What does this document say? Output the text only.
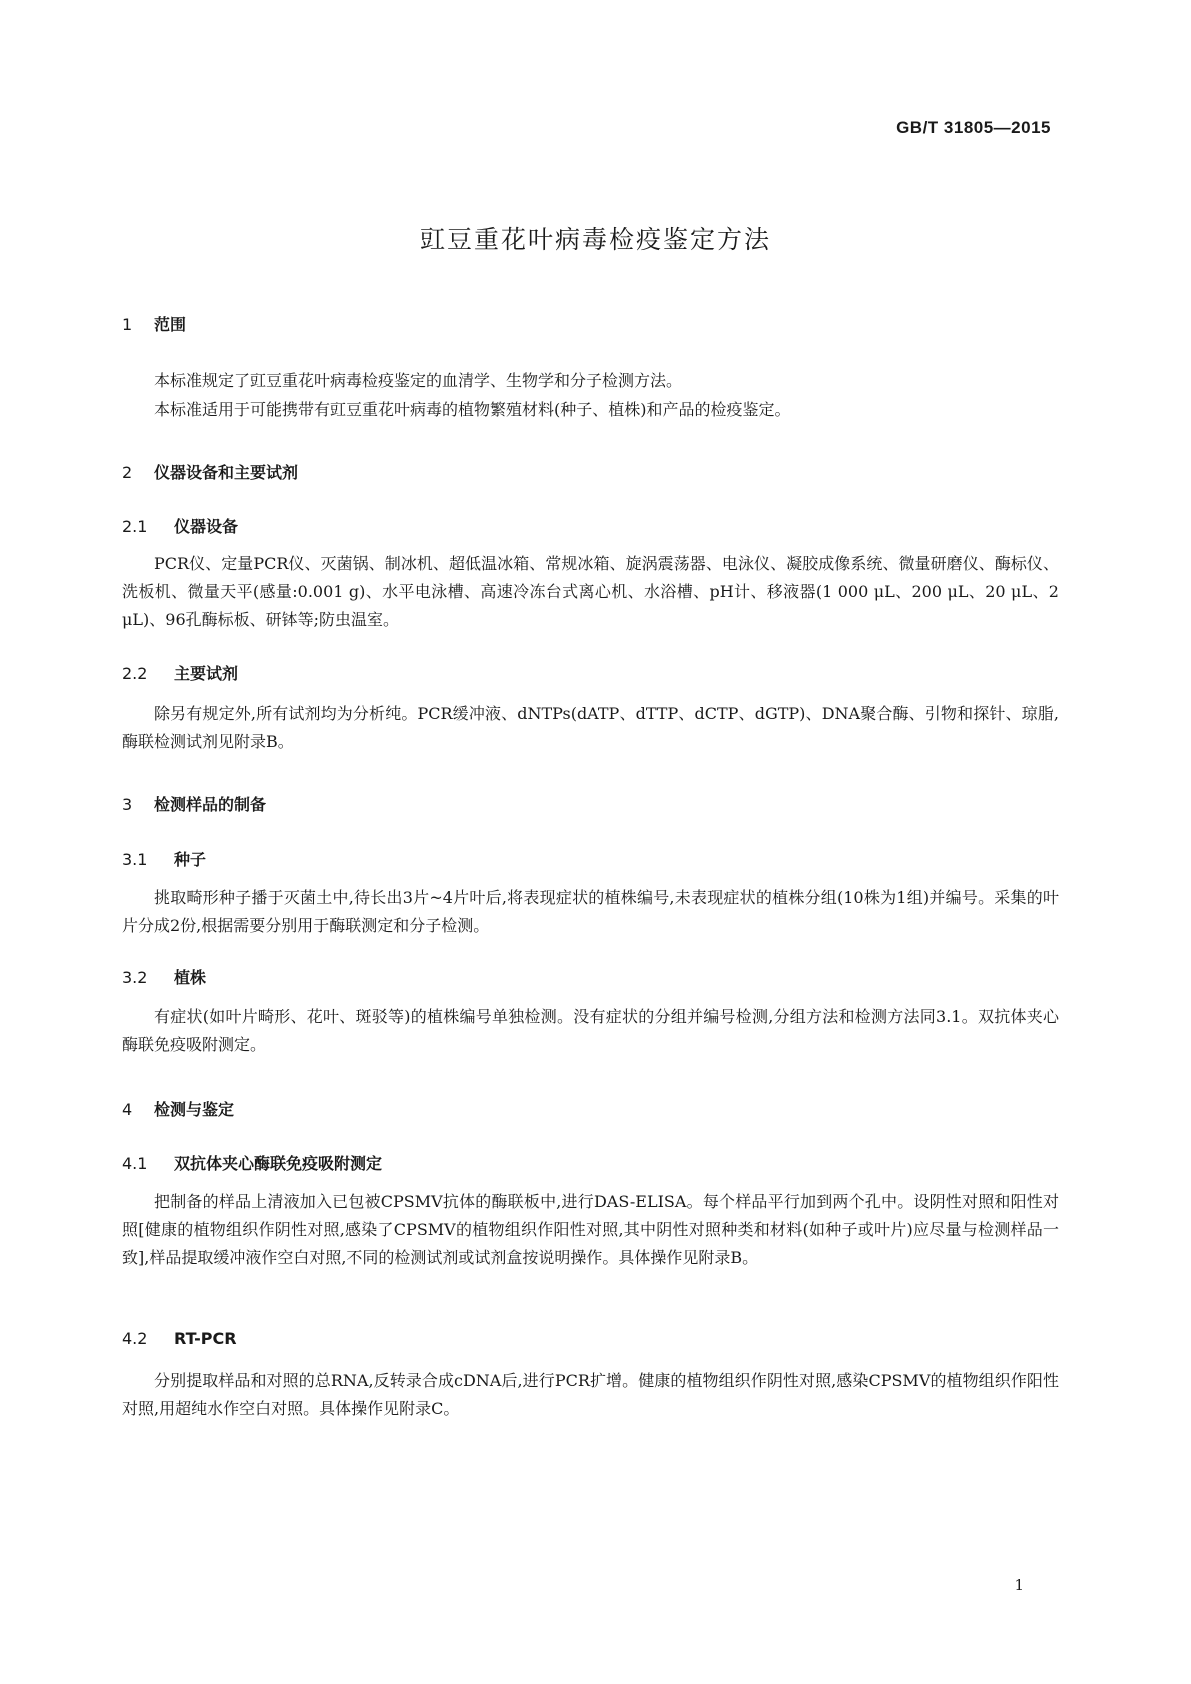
GB/T 31805—2015
豇豆重花叶病毒检疫鉴定方法
1 范围

本标准规定了豇豆重花叶病毒检疫鉴定的血清学、生物学和分子检测方法。

本标准适用于可能携带有豇豆重花叶病毒的植物繁殖材料(种子、植株)和产品的检疫鉴定。

2 仪器设备和主要试剂
2.1 仪器设备

PCR仪、定量PCR仪、灭菌锅、制冰机、超低温冰箱、常规冰箱、旋涡震荡器、电泳仪、凝胶成像系统、微量研磨仪、酶标仪、洗板机、微量天平(感量:0.001 g)、水平电泳槽、高速冷冻台式离心机、水浴槽、pH计、移液器(1 000 μL、200 μL、20 μL、2 μL)、96孔酶标板、研钵等;防虫温室。

2.2 主要试剂

除另有规定外,所有试剂均为分析纯。PCR缓冲液、dNTPs(dATP、dTTP、dCTP、dGTP)、DNA聚合酶、引物和探针、琼脂,酶联检测试剂见附录B。

3 检测样品的制备
3.1 种子

挑取畸形种子播于灭菌土中,待长出3片~4片叶后,将表现症状的植株编号,未表现症状的植株分组(10株为1组)并编号。采集的叶片分成2份,根据需要分别用于酶联测定和分子检测。

3.2 植株

有症状(如叶片畸形、花叶、斑驳等)的植株编号单独检测。没有症状的分组并编号检测,分组方法和检测方法同3.1。双抗体夹心酶联免疫吸附测定。

4 检测与鉴定
4.1 双抗体夹心酶联免疫吸附测定

把制备的样品上清液加入已包被CPSMV抗体的酶联板中,进行DAS-ELISA。每个样品平行加到两个孔中。设阴性对照和阳性对照[健康的植物组织作阴性对照,感染了CPSMV的植物组织作阳性对照,其中阴性对照种类和材料(如种子或叶片)应尽量与检测样品一致],样品提取缓冲液作空白对照,不同的检测试剂或试剂盒按说明操作。具体操作见附录B。

4.2 RT-PCR

分别提取样品和对照的总RNA,反转录合成cDNA后,进行PCR扩增。健康的植物组织作阴性对照,感染CPSMV的植物组织作阳性对照,用超纯水作空白对照。具体操作见附录C。

1
